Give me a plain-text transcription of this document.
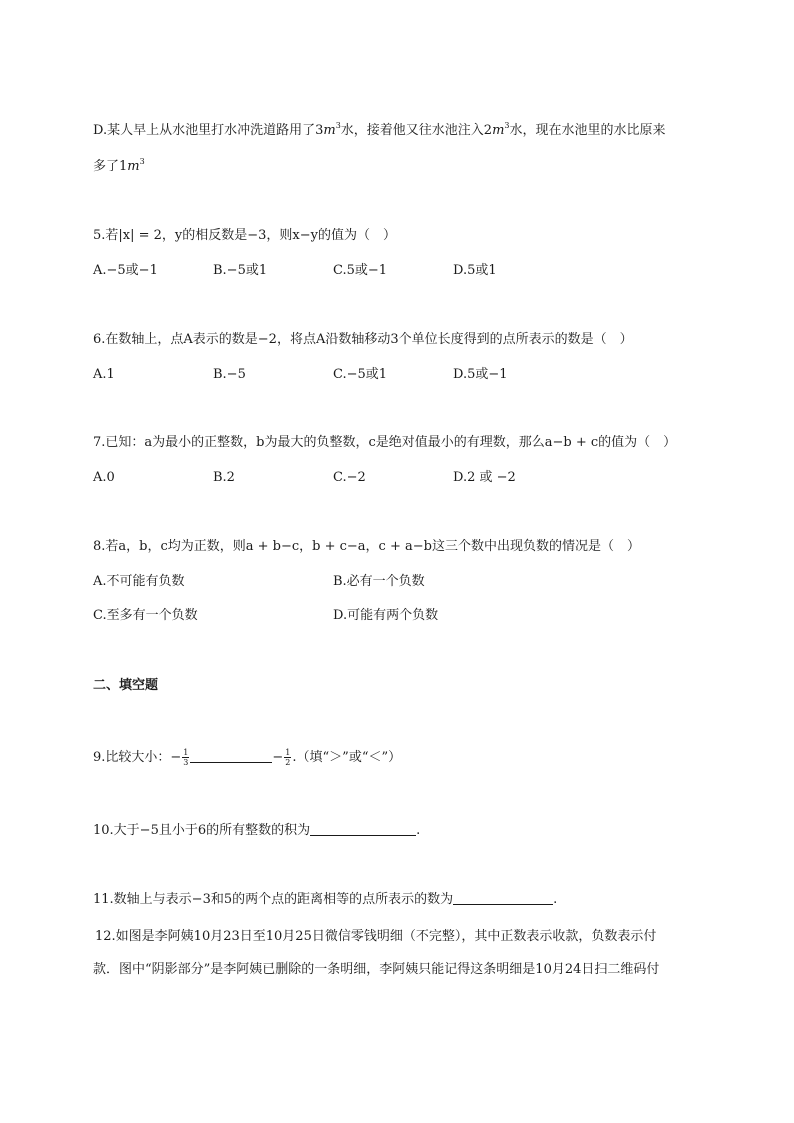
D.某人早上从水池里打水冲洗道路用了$3m^3$水，接着他又往水池注入$2m^3$水，现在水池里的水比原来
多了$1m^3$
5.若|x| = 2，y的相反数是−3，则x−y的值为（　）
A.−5或−1	B.−5或1	C.5或−1	D.5或1
6.在数轴上，点A表示的数是−2，将点A沿数轴移动3个单位长度得到的点所表示的数是（　）
A.1	B.−5	C.−5或1	D.5或−1
7.已知：a为最小的正整数，b为最大的负整数，c是绝对值最小的有理数，那么a−b + c的值为（　）
A.0	B.2	C.−2	D.2 或 −2
8.若a，b，c均为正数，则a + b−c，b + c−a，c + a−b这三个数中出现负数的情况是（　）
A.不可能有负数	B.必有一个负数
C.至多有一个负数	D.可能有两个负数
二、填空题
9.比较大小：− $\frac{1}{3}$	− $\frac{1}{2}$ .（填“＞”或“＜”）
10.大于−5且小于6的所有整数的积为	.
11.数轴上与表示−3和5的两个点的距离相等的点所表示的数为	.
12.如图是李阿姨10月23日至10月25日微信零钱明细（不完整），其中正数表示收款，负数表示付
款．图中“阴影部分”是李阿姨已删除的一条明细，李阿姨只能记得这条明细是10月24日扫二维码付
